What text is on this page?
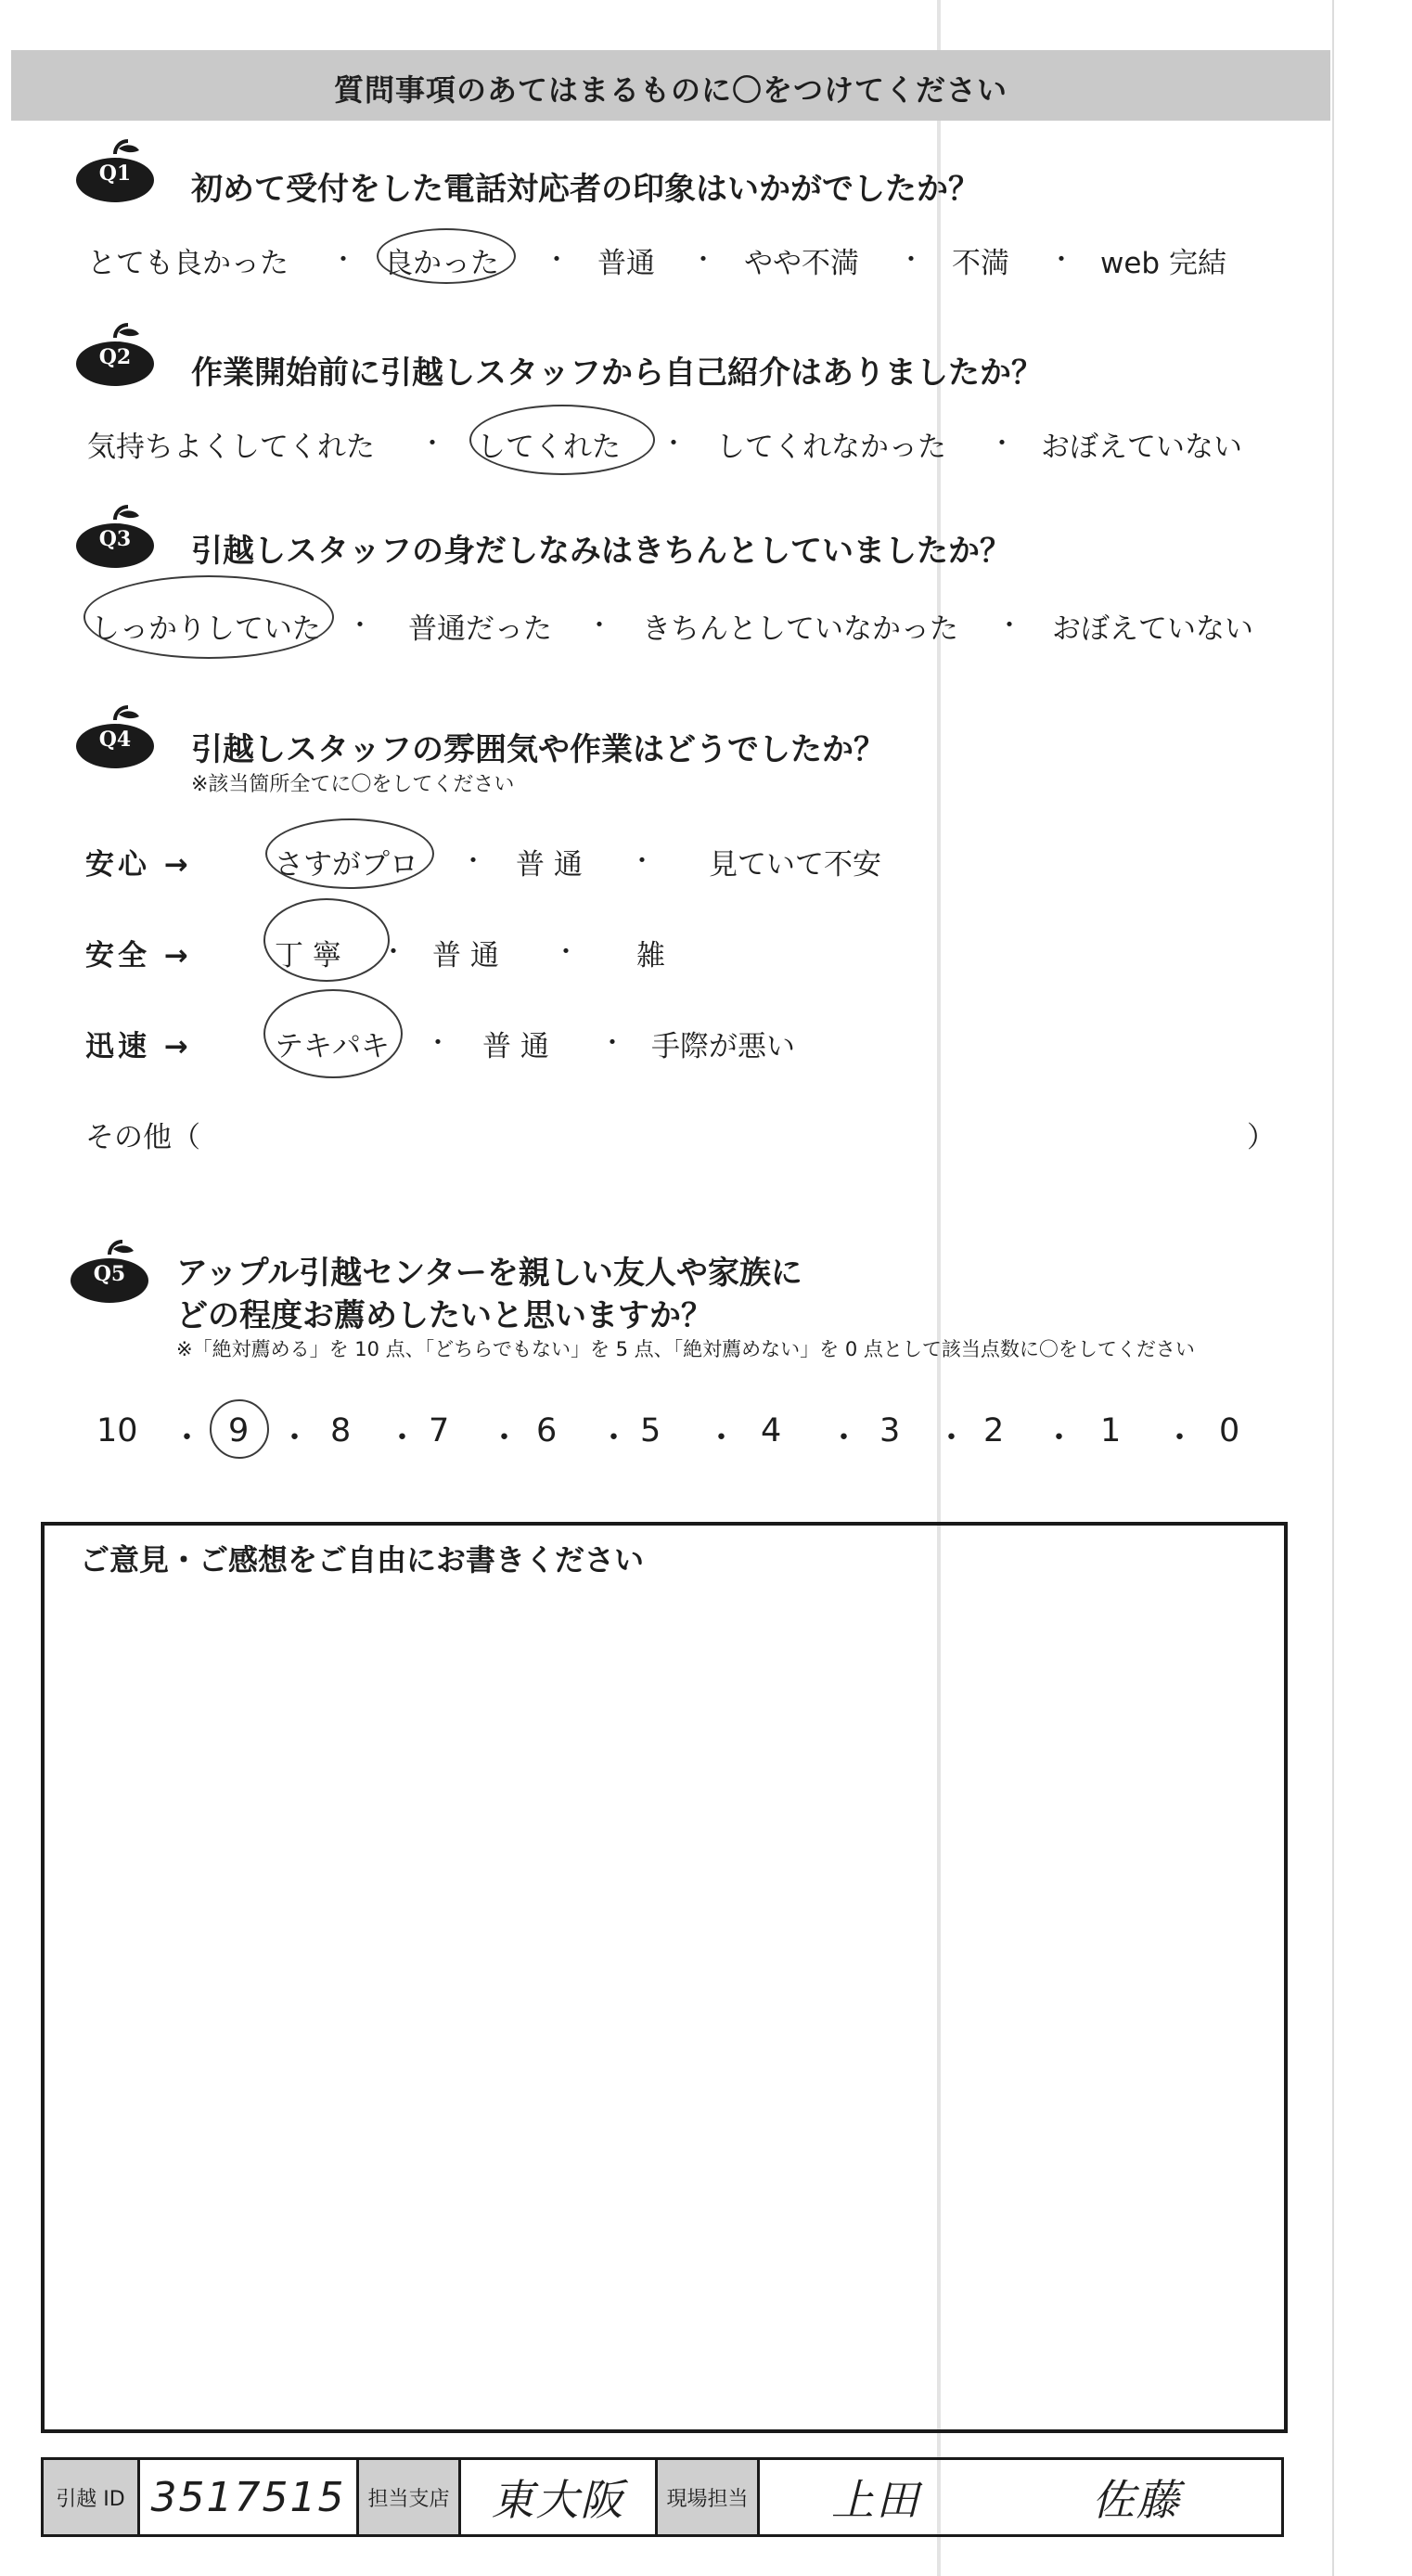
質問事項のあてはまるものに〇をつけてください
Q1	初めて受付をした電話対応者の印象はいかがでしたか？
とても良かった ・ 良かった ・ 普通 ・ やや不満 ・ 不満 ・ web 完結
Q2	作業開始前に引越しスタッフから自己紹介はありましたか？
気持ちよくしてくれた ・ してくれた ・ してくれなかった ・ おぼえていない
Q3	引越しスタッフの身だしなみはきちんとしていましたか？
しっかりしていた ・ 普通だった ・ きちんとしていなかった ・ おぼえていない
Q4	引越しスタッフの雰囲気や作業はどうでしたか？
※該当箇所全てに〇をしてください
安心 →	さすがプロ ・ 普 通 ・ 見ていて不安
安全 →	丁 寧 ・ 普 通 ・ 雑
迅速 →	テキパキ ・ 普 通 ・ 手際が悪い
その他（	）
Q5	アップル引越センターを親しい友人や家族に
どの程度お薦めしたいと思いますか？
※「絶対薦める」を 10 点、「どちらでもない」を 5 点、「絶対薦めない」を 0 点として該当点数に〇をしてください
10 ・ 9 ・ 8 ・ 7 ・ 6 ・ 5 ・ 4 ・ 3 ・ 2 ・ 1 ・ 0
ご意見・ご感想をご自由にお書きください
引越 ID 3517515	担当支店 東大阪	現場担当	上田	佐藤
